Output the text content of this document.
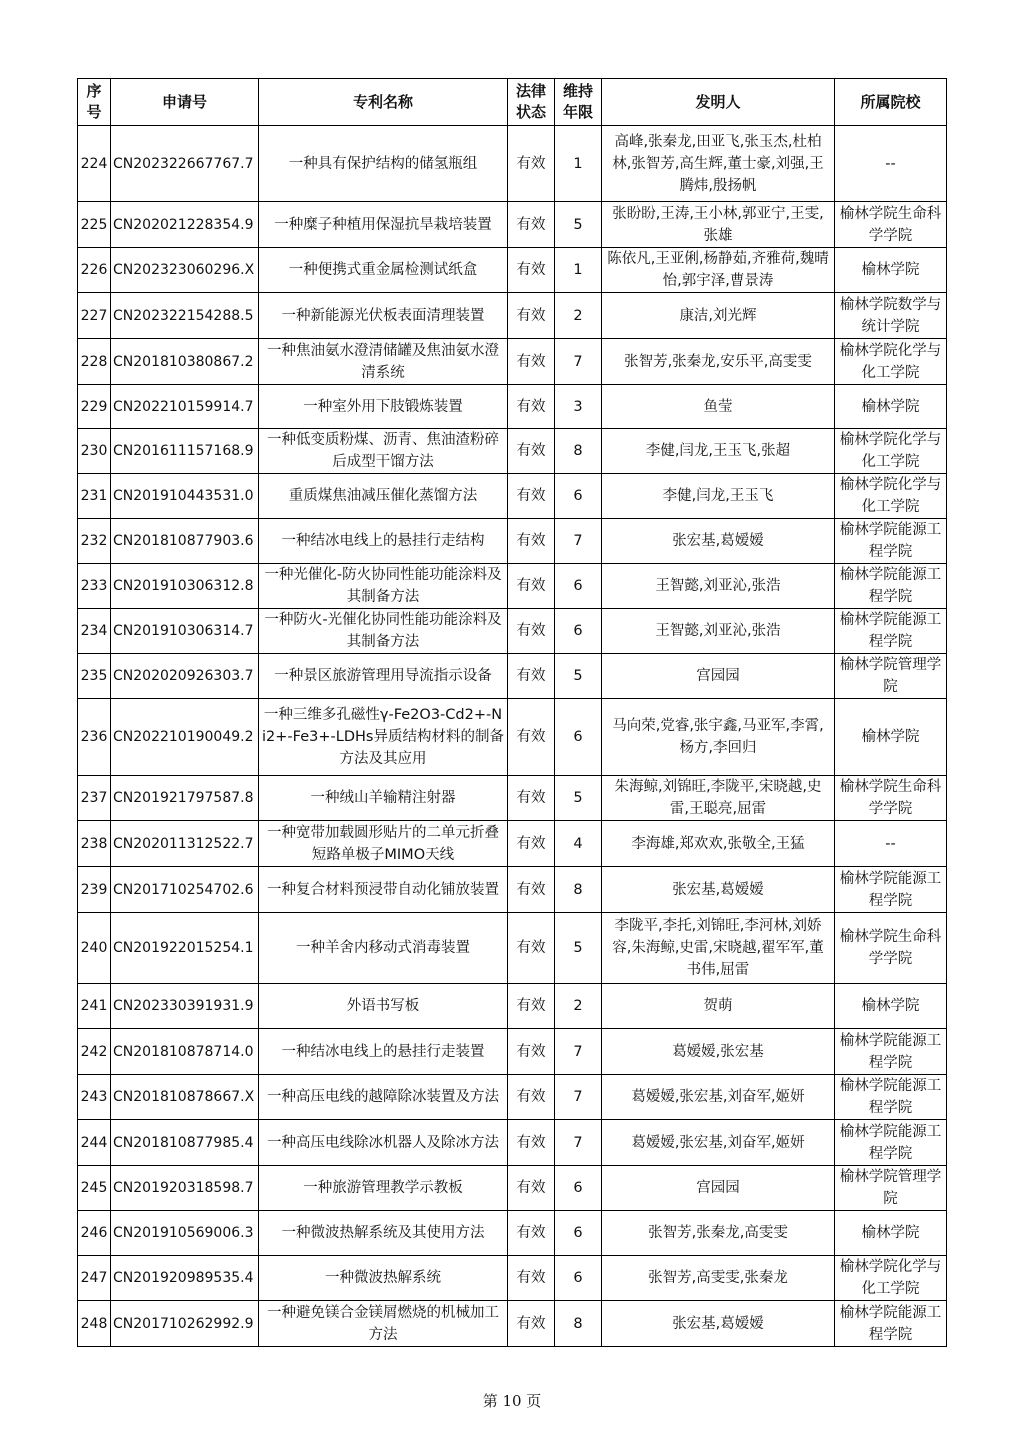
序号	申请号	专利名称	法律状态	维持年限	发明人	所属院校
224	CN202322667767.7	一种具有保护结构的储氢瓶组	有效	1	高峰,张秦龙,田亚飞,张玉杰,杜柏林,张智芳,高生辉,董士豪,刘强,王腾炜,殷扬帆	--
225	CN202021228354.9	一种糜子种植用保湿抗旱栽培装置	有效	5	张盼盼,王涛,王小林,郭亚宁,王雯,张雄	榆林学院生命科学学院
226	CN202323060296.X	一种便携式重金属检测试纸盒	有效	1	陈依凡,王亚俐,杨静茹,齐雅荷,魏晴怡,郭宇泽,曹景涛	榆林学院
227	CN202322154288.5	一种新能源光伏板表面清理装置	有效	2	康洁,刘光辉	榆林学院数学与统计学院
228	CN201810380867.2	一种焦油氨水澄清储罐及焦油氨水澄清系统	有效	7	张智芳,张秦龙,安乐平,高雯雯	榆林学院化学与化工学院
229	CN202210159914.7	一种室外用下肢锻炼装置	有效	3	鱼莹	榆林学院
230	CN201611157168.9	一种低变质粉煤、沥青、焦油渣粉碎后成型干馏方法	有效	8	李健,闫龙,王玉飞,张超	榆林学院化学与化工学院
231	CN201910443531.0	重质煤焦油减压催化蒸馏方法	有效	6	李健,闫龙,王玉飞	榆林学院化学与化工学院
232	CN201810877903.6	一种结冰电线上的悬挂行走结构	有效	7	张宏基,葛嫒嫒	榆林学院能源工程学院
233	CN201910306312.8	一种光催化-防火协同性能功能涂料及其制备方法	有效	6	王智懿,刘亚沁,张浩	榆林学院能源工程学院
234	CN201910306314.7	一种防火-光催化协同性能功能涂料及其制备方法	有效	6	王智懿,刘亚沁,张浩	榆林学院能源工程学院
235	CN202020926303.7	一种景区旅游管理用导流指示设备	有效	5	宫园园	榆林学院管理学院
236	CN202210190049.2	一种三维多孔磁性γ-Fe2O3-Cd2+-Ni2+-Fe3+-LDHs异质结构材料的制备方法及其应用	有效	6	马向荣,党睿,张宇鑫,马亚军,李霄,杨方,李回归	榆林学院
237	CN201921797587.8	一种绒山羊输精注射器	有效	5	朱海鲸,刘锦旺,李陇平,宋晓越,史雷,王聪亮,屈雷	榆林学院生命科学学院
238	CN202011312522.7	一种宽带加载圆形贴片的二单元折叠短路单极子MIMO天线	有效	4	李海雄,郑欢欢,张敬全,王猛	--
239	CN201710254702.6	一种复合材料预浸带自动化铺放装置	有效	8	张宏基,葛嫒嫒	榆林学院能源工程学院
240	CN201922015254.1	一种羊舍内移动式消毒装置	有效	5	李陇平,李托,刘锦旺,李河林,刘娇容,朱海鲸,史雷,宋晓越,翟军军,董书伟,屈雷	榆林学院生命科学学院
241	CN202330391931.9	外语书写板	有效	2	贺萌	榆林学院
242	CN201810878714.0	一种结冰电线上的悬挂行走装置	有效	7	葛嫒嫒,张宏基	榆林学院能源工程学院
243	CN201810878667.X	一种高压电线的越障除冰装置及方法	有效	7	葛嫒嫒,张宏基,刘奋军,姬妍	榆林学院能源工程学院
244	CN201810877985.4	一种高压电线除冰机器人及除冰方法	有效	7	葛嫒嫒,张宏基,刘奋军,姬妍	榆林学院能源工程学院
245	CN201920318598.7	一种旅游管理教学示教板	有效	6	宫园园	榆林学院管理学院
246	CN201910569006.3	一种微波热解系统及其使用方法	有效	6	张智芳,张秦龙,高雯雯	榆林学院
247	CN201920989535.4	一种微波热解系统	有效	6	张智芳,高雯雯,张秦龙	榆林学院化学与化工学院
248	CN201710262992.9	一种避免镁合金镁屑燃烧的机械加工方法	有效	8	张宏基,葛嫒嫒	榆林学院能源工程学院
第 10 页
